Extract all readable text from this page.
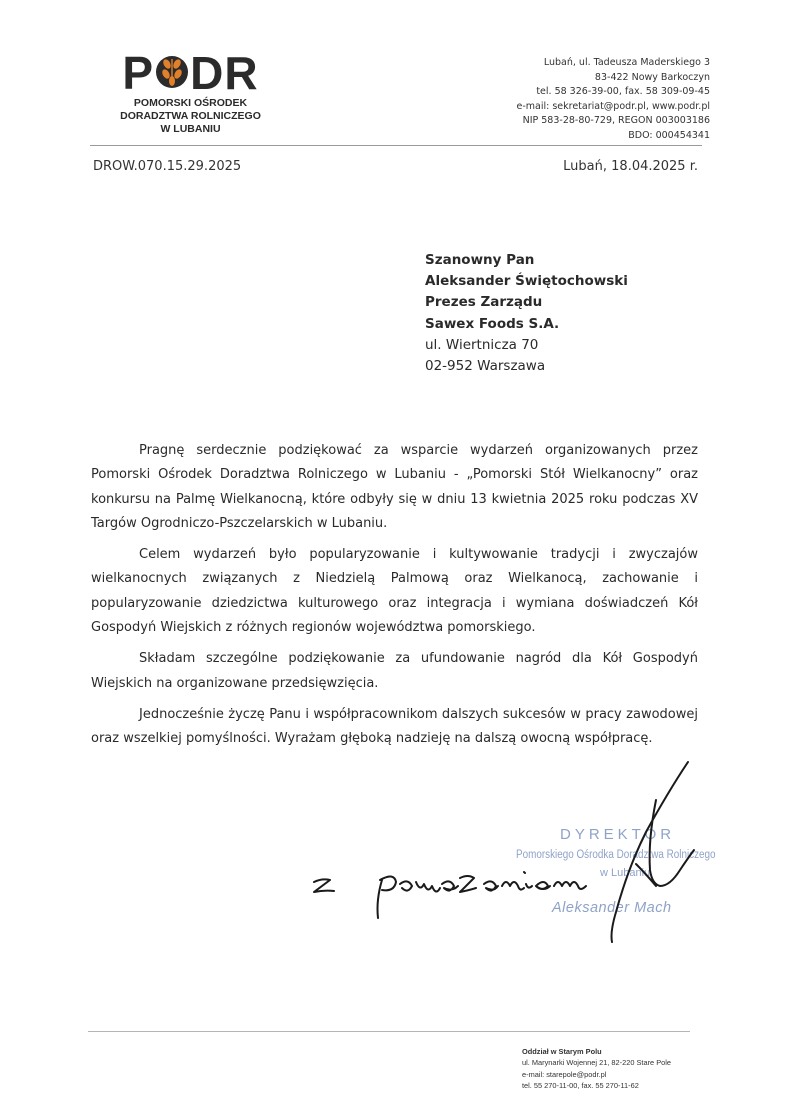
P DR
POMORSKI OŚRODEK
DORADZTWA ROLNICZEGO
W LUBANIU
Lubań, ul. Tadeusza Maderskiego 3
83-422 Nowy Barkoczyn
tel. 58 326-39-00, fax. 58 309-09-45
e-mail: sekretariat@podr.pl, www.podr.pl
NIP 583-28-80-729, REGON 003003186
BDO: 000454341
DROW.070.15.29.2025	Lubań, 18.04.2025 r.
Szanowny Pan
Aleksander Świętochowski
Prezes Zarządu
Sawex Foods S.A.
ul. Wiertnicza 70
02-952 Warszawa

Pragnę serdecznie podziękować za wsparcie wydarzeń organizowanych przez Pomorski Ośrodek Doradztwa Rolniczego w Lubaniu - „Pomorski Stół Wielkanocny” oraz konkursu na Palmę Wielkanocną, które odbyły się w dniu 13 kwietnia 2025 roku podczas XV Targów Ogrodniczo-Pszczelarskich w Lubaniu.

Celem wydarzeń było popularyzowanie i kultywowanie tradycji i zwyczajów wielkanocnych związanych z Niedzielą Palmową oraz Wielkanocą, zachowanie i popularyzowanie dziedzictwa kulturowego oraz integracja i wymiana doświadczeń Kół Gospodyń Wiejskich z różnych regionów województwa pomorskiego.

Składam szczególne podziękowanie za ufundowanie nagród dla Kół Gospodyń Wiejskich na organizowane przedsięwzięcia.

Jednocześnie życzę Panu i współpracownikom dalszych sukcesów w pracy zawodowej oraz wszelkiej pomyślności. Wyrażam głęboką nadzieję na dalszą owocną współpracę.

DYREKTOR
Pomorskiego Ośrodka Doradztwa Rolniczego
w Lubaniu
Aleksander Mach
Oddział w Starym Polu
ul. Marynarki Wojennej 21, 82-220 Stare Pole
e-mail: starepole@podr.pl
tel. 55 270-11-00, fax. 55 270-11-62
